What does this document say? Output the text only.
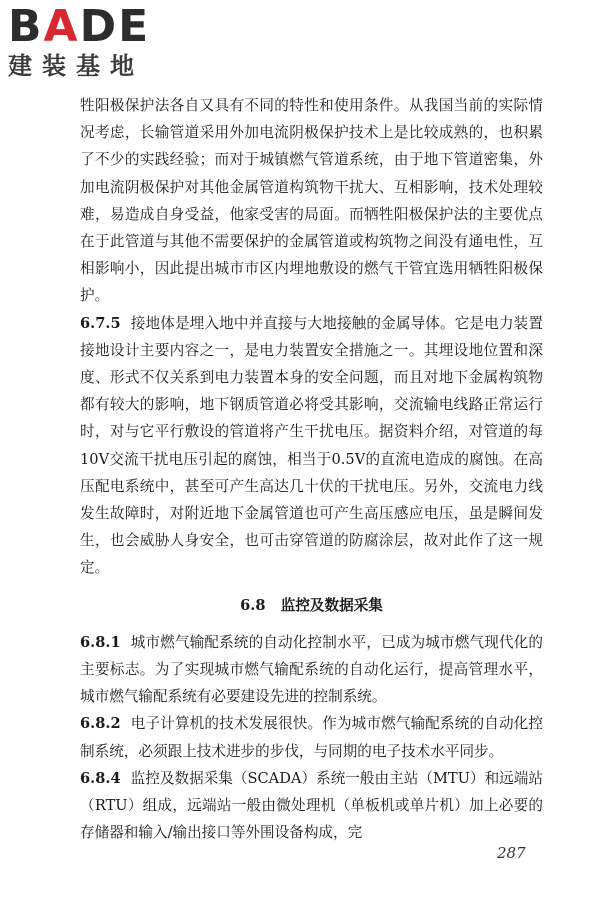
BADE
建装基地

牲阳极保护法各自又具有不同的特性和使用条件。从我国当前的实际情况考虑，长输管道采用外加电流阴极保护技术上是比较成熟的，也积累了不少的实践经验；而对于城镇燃气管道系统，由于地下管道密集，外加电流阴极保护对其他金属管道构筑物干扰大、互相影响，技术处理较难，易造成自身受益，他家受害的局面。而牺牲阳极保护法的主要优点在于此管道与其他不需要保护的金属管道或构筑物之间没有通电性，互相影响小，因此提出城市市区内埋地敷设的燃气干管宜选用牺牲阳极保护。

6.7.5 接地体是埋入地中并直接与大地接触的金属导体。它是电力装置接地设计主要内容之一，是电力装置安全措施之一。其埋设地位置和深度、形式不仅关系到电力装置本身的安全问题，而且对地下金属构筑物都有较大的影响，地下钢质管道必将受其影响，交流输电线路正常运行时，对与它平行敷设的管道将产生干扰电压。据资料介绍，对管道的每10V交流干扰电压引起的腐蚀，相当于0.5V的直流电造成的腐蚀。在高压配电系统中，甚至可产生高达几十伏的干扰电压。另外，交流电力线发生故障时，对附近地下金属管道也可产生高压感应电压，虽是瞬间发生，也会威胁人身安全，也可击穿管道的防腐涂层，故对此作了这一规定。

6.8 监控及数据采集

6.8.1 城市燃气输配系统的自动化控制水平，已成为城市燃气现代化的主要标志。为了实现城市燃气输配系统的自动化运行，提高管理水平，城市燃气输配系统有必要建设先进的控制系统。

6.8.2 电子计算机的技术发展很快。作为城市燃气输配系统的自动化控制系统，必须跟上技术进步的步伐，与同期的电子技术水平同步。

6.8.4 监控及数据采集（SCADA）系统一般由主站（MTU）和远端站（RTU）组成，远端站一般由微处理机（单板机或单片机）加上必要的存储器和输入/输出接口等外围设备构成，完

287
